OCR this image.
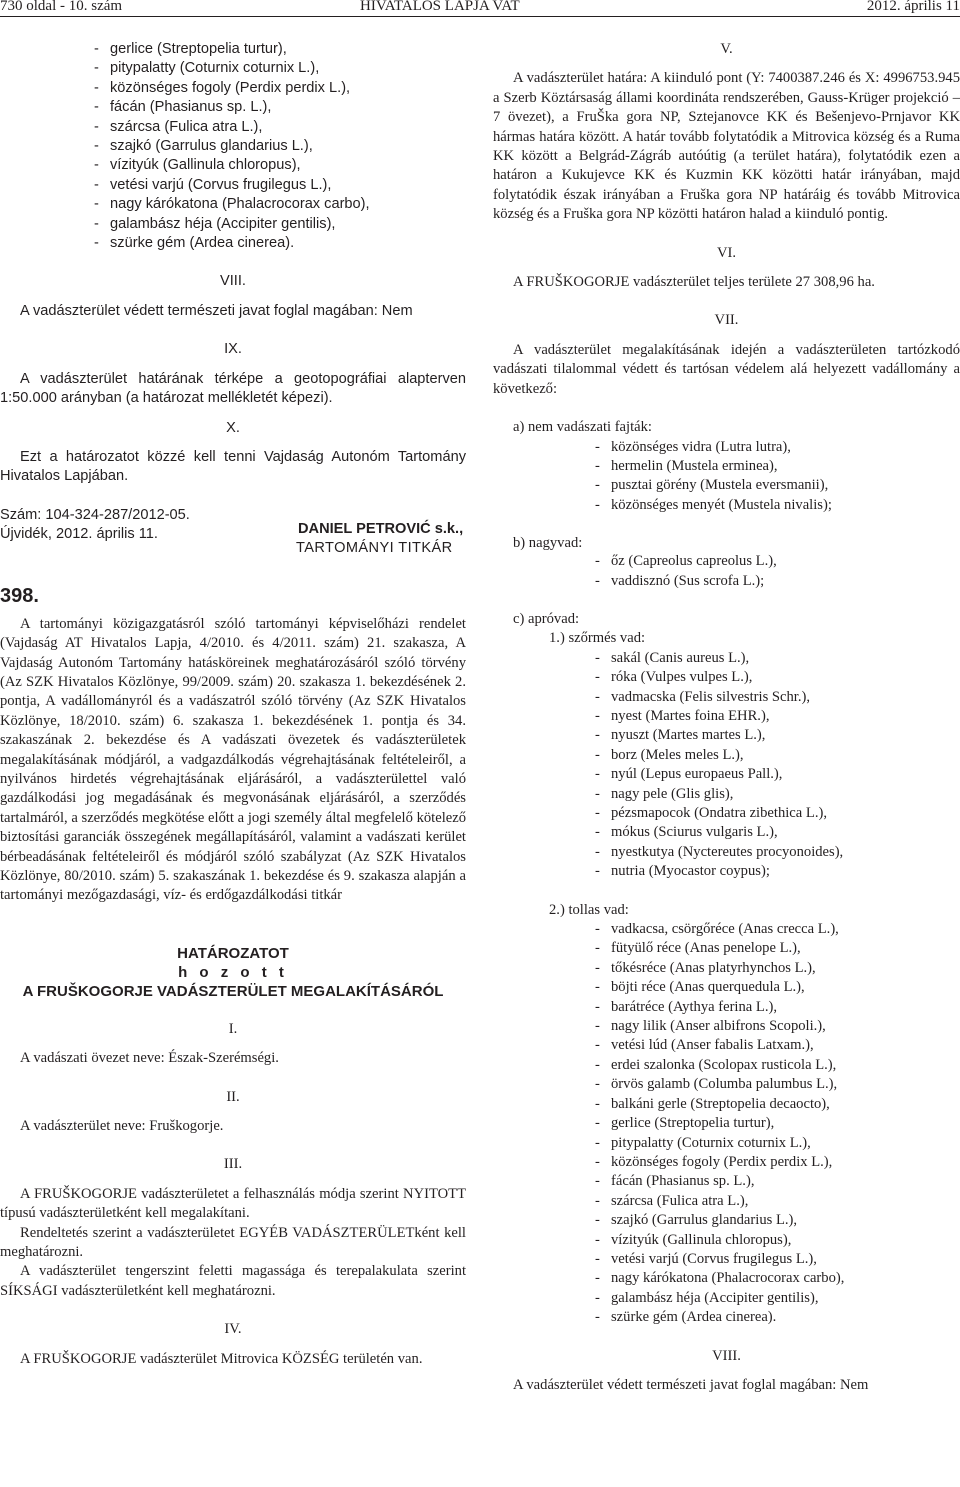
730 oldal - 10. szám	HIVATALOS LAPJA VAT	2012. április 11
- gerlice (Streptopelia turtur),
- pitypalatty (Coturnix coturnix L.),
- közönséges fogoly (Perdix perdix L.),
- fácán (Phasianus sp. L.),
- szárcsa (Fulica atra L.),
- szajkó (Garrulus glandarius L.),
- vízityúk (Gallinula chloropus),
- vetési varjú (Corvus frugilegus L.),
- nagy kárókatona (Phalacrocorax carbo),
- galambász héja (Accipiter gentilis),
- szürke gém (Ardea cinerea).
VIII.

A vadászterület védett természeti javat foglal magában: Nem

IX.

A vadászterület határának térképe a geotopográfiai alapterven 1:50.000 arányban (a határozat mellékletét képezi).

X.

Ezt a határozatot közzé kell tenni Vajdaság Autonóm Tartomány Hivatalos Lapjában.

Szám: 104-324-287/2012-05.
Újvidék, 2012. április 11.	DANIEL PETROVIĆ s.k.,
TARTOMÁNYI TITKÁR
398.

A tartományi közigazgatásról szóló tartományi képviselőházi rendelet (Vajdaság AT Hivatalos Lapja, 4/2010. és 4/2011. szám) 21. szakasza, A Vajdaság Autonóm Tartomány hatásköreinek meghatározásáról szóló törvény (Az SZK Hivatalos Közlönye, 99/2009. szám) 20. szakasza 1. bekezdésének 2. pontja, A vadállományról és a vadászatról szóló törvény (Az SZK Hivatalos Közlönye, 18/2010. szám) 6. szakasza 1. bekezdésének 1. pontja és 34. szakaszának 2. bekezdése és A vadászati övezetek és vadászterületek megalakításának módjáról, a vadgazdálkodás végrehajtásának feltételeiről, a nyilvános hirdetés végrehajtásának eljárásáról, a vadászterülettel való gazdálkodási jog megadásának és megvonásának eljárásáról, a szerződés tartalmáról, a szerződés megkötése előtt a jogi személy által megfelelő kötelező biztosítási garanciák összegének megállapításáról, valamint a vadászati kerület bérbeadásának feltételeiről és módjáról szóló szabályzat (Az SZK Hivatalos Közlönye, 80/2010. szám) 5. szakaszának 1. bekezdése és 9. szakasza alapján a tartományi mezőgazdasági, víz- és erdőgazdálkodási titkár

HATÁROZATOT
h o z o t t
A FRUŠKOGORJE VADÁSZTERÜLET MEGALAKÍTÁSÁRÓL
I.

A vadászati övezet neve: Észak-Szerémségi.

II.

A vadászterület neve: Fruškogorje.

III.

A FRUŠKOGORJE vadászterületet a felhasználás módja szerint NYITOTT típusú vadászterületként kell megalakítani.

Rendeltetés szerint a vadászterületet EGYÉB VADÁSZTERÜLETként kell meghatározni.

A vadászterület tengerszint feletti magassága és terepalakulata szerint SÍKSÁGI vadászterületként kell meghatározni.

IV.

A FRUŠKOGORJE vadászterület Mitrovica KÖZSÉG területén van.

V.

A vadászterület határa: A kiinduló pont (Y: 7400387.246 és X: 4996753.945 a Szerb Köztársaság állami koordináta rendszerében, Gauss-Krüger projekció – 7 övezet), a FruŠka gora NP, Sztejanovce KK és Bešenjevo-Prnjavor KK hármas határa között. A határ tovább folytatódik a Mitrovica község és a Ruma KK között a Belgrád-Zágráb autóútig (a terület határa), folytatódik ezen a határon a Kukujevce KK és Kuzmin KK közötti határ irányában, majd folytatódik észak irányában a Fruška gora NP határáig és tovább Mitrovica község és a Fruška gora NP közötti határon halad a kiinduló pontig.

VI.

A FRUŠKOGORJE vadászterület teljes területe 27 308,96 ha.

VII.

A vadászterület megalakításának idején a vadászterületen tartózkodó vadászati tilalommal védett és tartósan védelem alá helyezett vadállomány a következő:

a) nem vadászati fajták:
- közönséges vidra (Lutra lutra),
- hermelin (Mustela erminea),
- pusztai görény (Mustela eversmanii),
- közönséges menyét (Mustela nivalis);
b) nagyvad:
- őz (Capreolus capreolus L.),
- vaddisznó (Sus scrofa L.);
c) apróvad:
1.) szőrmés vad:
- sakál (Canis aureus L.),
- róka (Vulpes vulpes L.),
- vadmacska (Felis silvestris Schr.),
- nyest (Martes foina EHR.),
- nyuszt (Martes martes L.),
- borz (Meles meles L.),
- nyúl (Lepus europaeus Pall.),
- nagy pele (Glis glis),
- pézsmapocok (Ondatra zibethica L.),
- mókus (Sciurus vulgaris L.),
- nyestkutya (Nyctereutes procyonoides),
- nutria (Myocastor coypus);
2.) tollas vad:
- vadkacsa, csörgőréce (Anas crecca L.),
- fütyülő réce (Anas penelope L.),
- tőkésréce (Anas platyrhynchos L.),
- böjti réce (Anas querquedula L.),
- barátréce (Aythya ferina L.),
- nagy lilik (Anser albifrons Scopoli.),
- vetési lúd (Anser fabalis Latxam.),
- erdei szalonka (Scolopax rusticola L.),
- örvös galamb (Columba palumbus L.),
- balkáni gerle (Streptopelia decaocto),
- gerlice (Streptopelia turtur),
- pitypalatty (Coturnix coturnix L.),
- közönséges fogoly (Perdix perdix L.),
- fácán (Phasianus sp. L.),
- szárcsa (Fulica atra L.),
- szajkó (Garrulus glandarius L.),
- vízityúk (Gallinula chloropus),
- vetési varjú (Corvus frugilegus L.),
- nagy kárókatona (Phalacrocorax carbo),
- galambász héja (Accipiter gentilis),
- szürke gém (Ardea cinerea).
VIII.

A vadászterület védett természeti javat foglal magában: Nem
